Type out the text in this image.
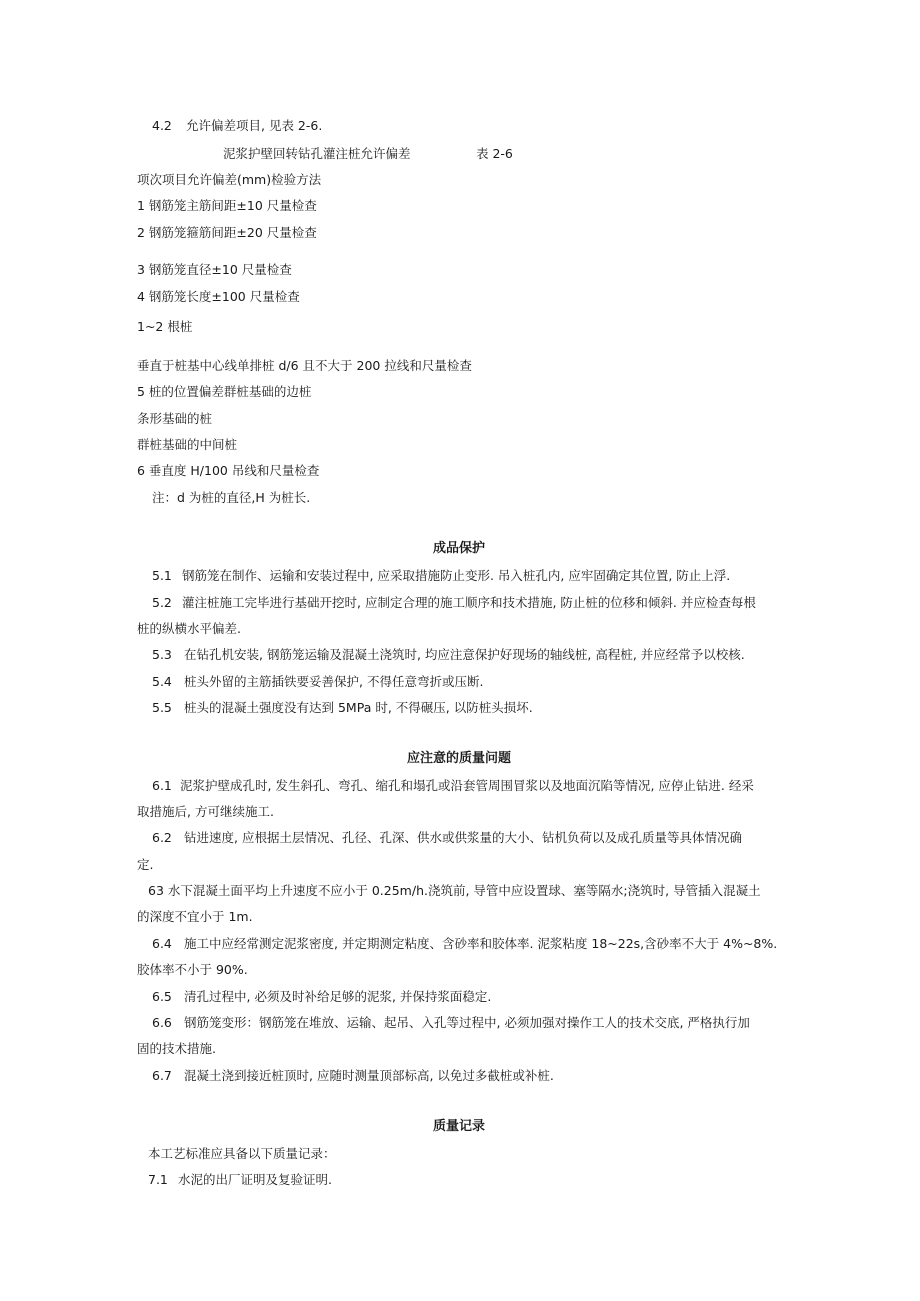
4.2 允许偏差项目, 见表 2-6.
泥浆护壁回转钻孔灌注桩允许偏差	表 2-6
项次项目允许偏差(mm)检验方法
1 钢筋笼主筋间距±10 尺量检查
2 钢筋笼箍筋间距±20 尺量检查
3 钢筋笼直径±10 尺量检查
4 钢筋笼长度±100 尺量检查
1~2 根桩
垂直于桩基中心线单排桩 d/6 且不大于 200 拉线和尺量检查
5 桩的位置偏差群桩基础的边桩
条形基础的桩
群桩基础的中间桩
6 垂直度 H/100 吊线和尺量检查
注：d 为桩的直径,H 为桩长.
成品保护
5.1 钢筋笼在制作、运输和安装过程中, 应采取措施防止变形. 吊入桩孔内, 应牢固确定其位置, 防止上浮.
5.2 灌注桩施工完毕进行基础开挖时, 应制定合理的施工顺序和技术措施, 防止桩的位移和倾斜. 并应检查每根
桩的纵横水平偏差.
5.3 在钻孔机安装, 钢筋笼运输及混凝土浇筑时, 均应注意保护好现场的轴线桩, 高程桩, 并应经常予以校核.
5.4 桩头外留的主筋插铁要妥善保护, 不得任意弯折或压断.
5.5 桩头的混凝土强度没有达到 5MPa 时, 不得碾压, 以防桩头损坏.
应注意的质量问题
6.1 泥浆护壁成孔时, 发生斜孔、弯孔、缩孔和塌孔或沿套管周围冒浆以及地面沉陷等情况, 应停止钻进. 经采
取措施后, 方可继续施工.
6.2 钻进速度, 应根据土层情况、孔径、孔深、供水或供浆量的大小、钻机负荷以及成孔质量等具体情况确
定.
63 水下混凝土面平均上升速度不应小于 0.25m∕h.浇筑前, 导管中应设置球、塞等隔水;浇筑时, 导管插入混凝土
的深度不宜小于 1m.
6.4 施工中应经常测定泥浆密度, 并定期测定粘度、含砂率和胶体率. 泥浆粘度 18~22s,含砂率不大于 4%~8%.
胶体率不小于 90%.
6.5 清孔过程中, 必须及时补给足够的泥浆, 并保持浆面稳定.
6.6 钢筋笼变形：钢筋笼在堆放、运输、起吊、入孔等过程中, 必须加强对操作工人的技术交底, 严格执行加
固的技术措施.
6.7 混凝土浇到接近桩顶时, 应随时测量顶部标高, 以免过多截桩或补桩.
质量记录
本工艺标准应具备以下质量记录：
7.1 水泥的出厂证明及复验证明.
